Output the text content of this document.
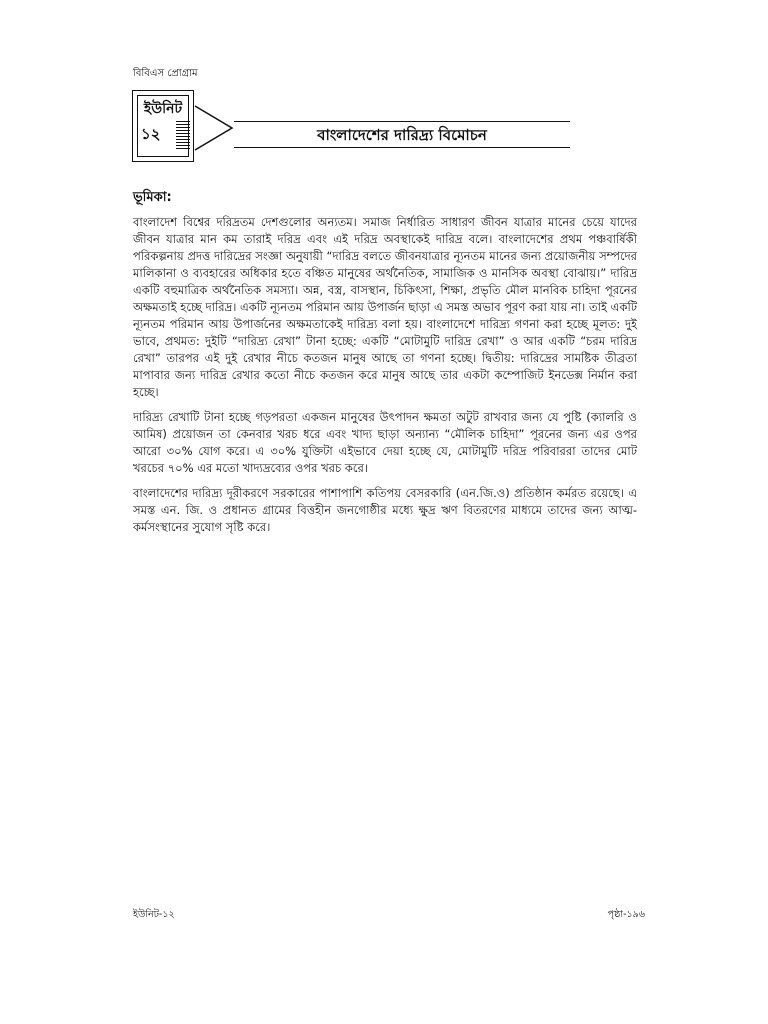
বিবিএস প্রোগ্রাম
ইউনিট
১২	বাংলাদেশের দারিদ্র্য বিমোচন
ভূমিকা:

বাংলাদেশ বিশ্বের দরিদ্রতম দেশগুলোর অন্যতম। সমাজ নির্ধারিত সাধারণ জীবন যাত্রার মানের চেয়ে যাদের জীবন যাত্রার মান কম তারাই দরিদ্র এবং এই দরিদ্র অবস্থাকেই দারিদ্র বলে। বাংলাদেশের প্রথম পঞ্চবার্ষিকী পরিকল্পনায় প্রদত্ত দারিদ্রের সংজ্ঞা অনুযায়ী “দারিদ্র বলতে জীবনযাত্রার ন্যূনতম মানের জন্য প্রয়োজনীয় সম্পদের মালিকানা ও ব্যবহারের অধিকার হতে বঞ্চিত মানুষের অর্থনৈতিক, সামাজিক ও মানসিক অবস্থা বোঝায়।” দারিদ্র একটি বহুমাত্রিক অর্থনৈতিক সমস্যা। অন্ন, বস্ত্র, বাসস্থান, চিকিৎসা, শিক্ষা, প্রভৃতি মৌল মানবিক চাহিদা পূরনের অক্ষমতাই হচ্ছে দারিদ্র। একটি ন্যূনতম পরিমান আয় উপার্জন ছাড়া এ সমস্ত অভাব পূরণ করা যায় না। তাই একটি ন্যূনতম পরিমান আয় উপার্জনের অক্ষমতাকেই দারিদ্র্য বলা হয়। বাংলাদেশে দারিদ্র্য গণনা করা হচ্ছে মূলত: দুই ভাবে, প্রথমত: দুইটি “দারিদ্র্য রেখা” টানা হচ্ছে: একটি “মোটামুটি দারিদ্র রেখা” ও আর একটি “চরম দারিদ্র রেখা” তারপর এই দুই রেখার নীচে কতজন মানুষ আছে তা গণনা হচ্ছে। দ্বিতীয়: দারিদ্রের সামষ্টিক তীব্রতা মাপাবার জন্য দারিদ্র রেখার কতো নীচে কতজন করে মানুষ আছে তার একটা কম্পোজিট ইনডেক্স নির্মান করা হচ্ছে।

দারিদ্র্য রেখাটি টানা হচ্ছে গড়পরতা একজন মানুষের উৎপাদন ক্ষমতা অটুট রাখবার জন্য যে পুষ্টি (ক্যালরি ও আমিষ) প্রয়োজন তা কেনবার খরচ ধরে এবং খাদ্য ছাড়া অন্যান্য “মৌলিক চাহিদা” পূরনের জন্য এর ওপর আরো ৩০% যোগ করে। এ ৩০% যুক্তিটা এইভাবে দেয়া হচ্ছে যে, মোটামুটি দরিদ্র পরিবাররা তাদের মোট খরচের ৭০% এর মতো খাদ্যদ্রব্যের ওপর খরচ করে।

বাংলাদেশের দারিদ্র্য দূরীকরণে সরকারের পাশাপাশি কতিপয় বেসরকারি (এন.জি.ও) প্রতিষ্ঠান কর্মরত রয়েছে। এ সমস্ত এন. জি. ও প্রধানত গ্রামের বিত্তহীন জনগোষ্ঠীর মধ্যে ক্ষুদ্র ঋণ বিতরণের মাধ্যমে তাদের জন্য আত্ম-কর্মসংস্থানের সুযোগ সৃষ্টি করে।

ইউনিট-১২	পৃষ্ঠা-১৯৬
